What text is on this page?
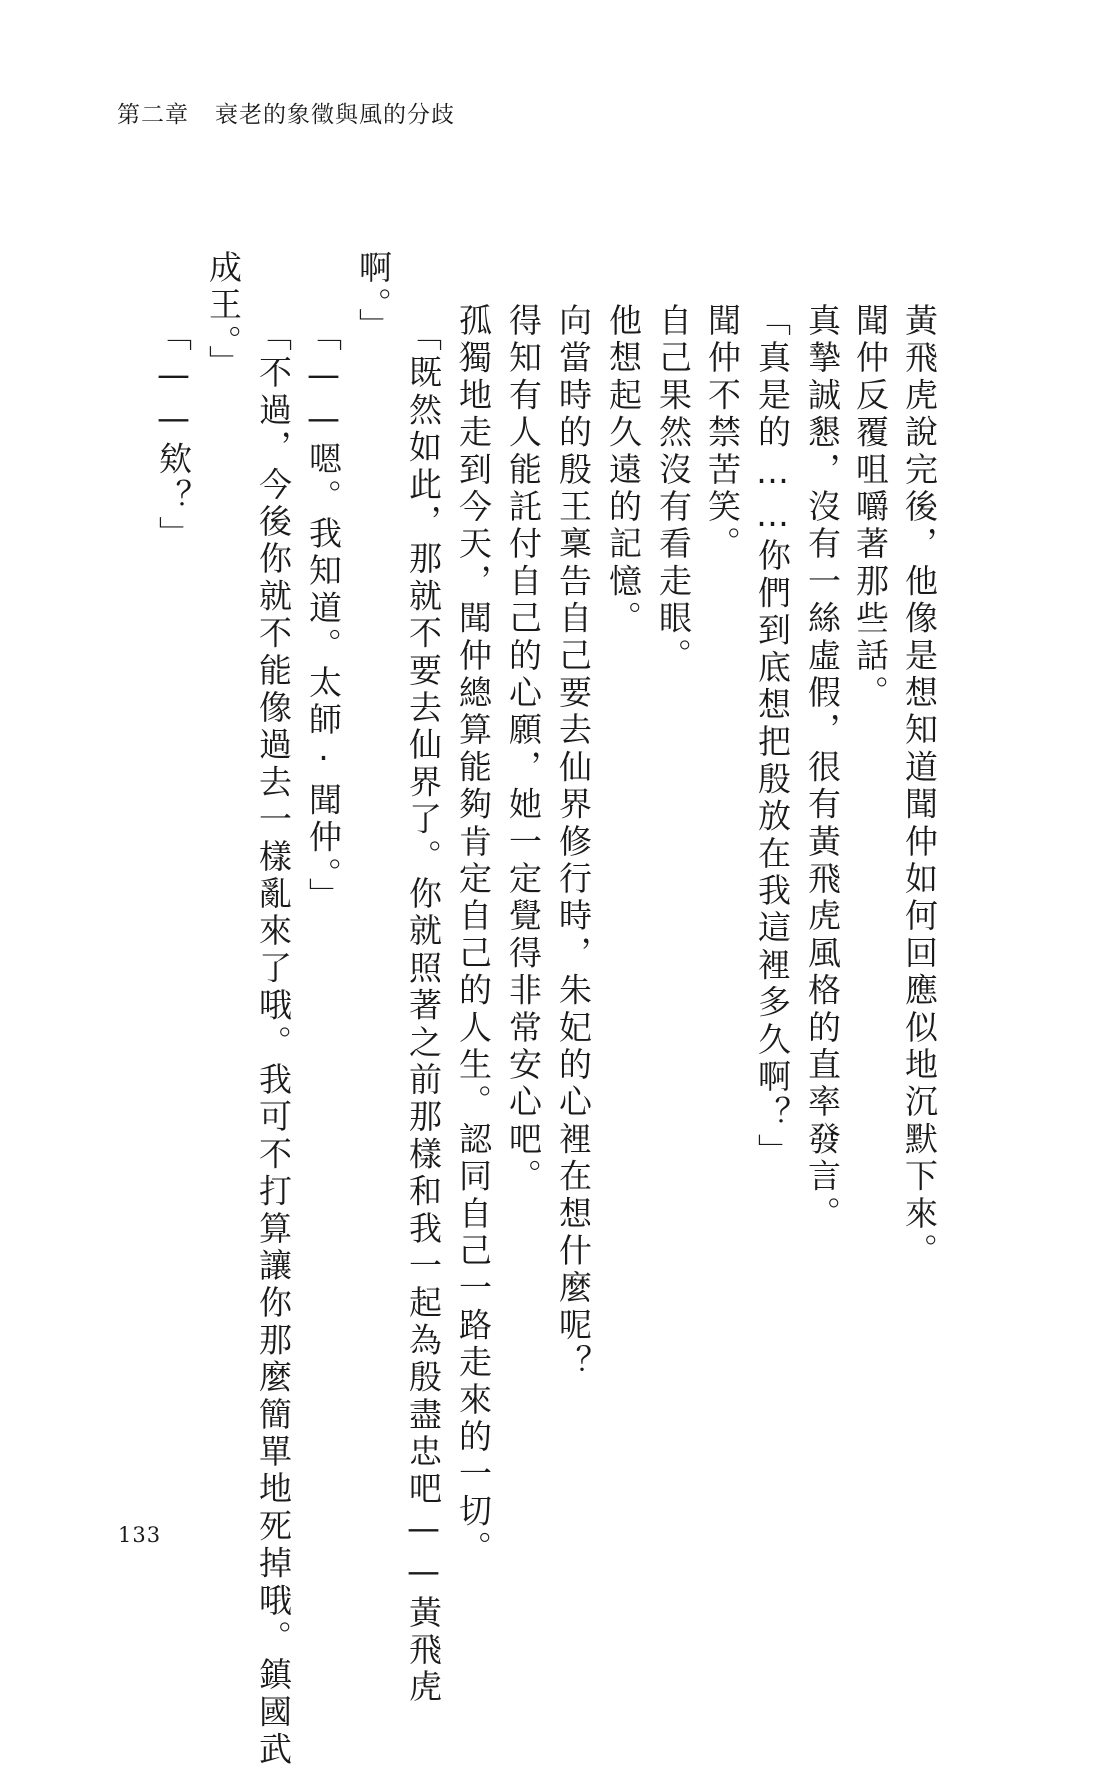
第二章 衰老的象徵與風的分歧
黃飛虎說完後，他像是想知道聞仲如何回應似地沉默下來。
聞仲反覆咀嚼著那些話。
真摯誠懇，沒有一絲虛假，很有黃飛虎風格的直率發言。
「真是的……你們到底想把殷放在我這裡多久啊？」
聞仲不禁苦笑。
自己果然沒有看走眼。
他想起久遠的記憶。
向當時的殷王稟告自己要去仙界修行時，朱妃的心裡在想什麼呢？
得知有人能託付自己的心願，她一定覺得非常安心吧。
孤獨地走到今天，聞仲總算能夠肯定自己的人生。認同自己一路走來的一切。
「既然如此，那就不要去仙界了。你就照著之前那樣和我一起為殷盡忠吧——黃飛虎
啊。」
「——嗯。我知道。太師‧聞仲。」
「不過，今後你就不能像過去一樣亂來了哦。我可不打算讓你那麼簡單地死掉哦。鎮國武
成王。」
「——欸？」
133
